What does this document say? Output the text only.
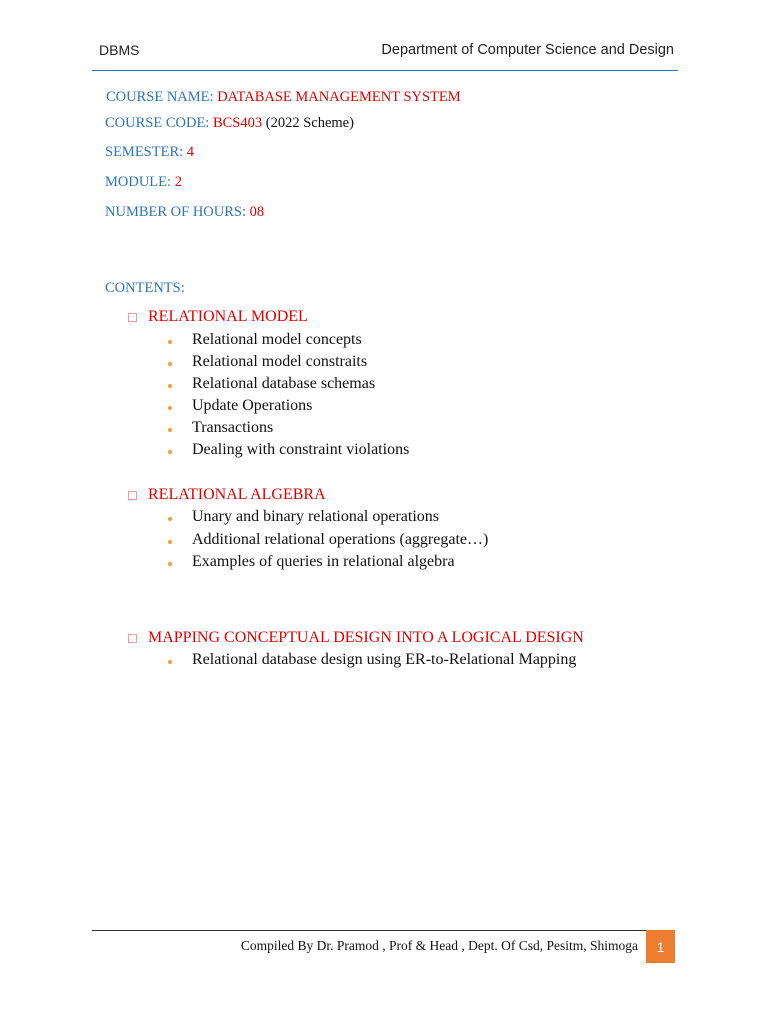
DBMS	Department of Computer Science and Design
COURSE NAME: DATABASE MANAGEMENT SYSTEM
COURSE CODE: BCS403 (2022 Scheme)
SEMESTER: 4
MODULE: 2
NUMBER OF HOURS: 08
CONTENTS:
RELATIONAL MODEL
Relational model concepts
Relational model constraits
Relational database schemas
Update Operations
Transactions
Dealing with constraint violations
RELATIONAL ALGEBRA
Unary and binary relational operations
Additional relational operations (aggregate…)
Examples of queries in relational algebra
MAPPING CONCEPTUAL DESIGN INTO A LOGICAL DESIGN
Relational database design using ER-to-Relational Mapping
Compiled By Dr. Pramod , Prof & Head , Dept. Of Csd, Pesitm, Shimoga	1
